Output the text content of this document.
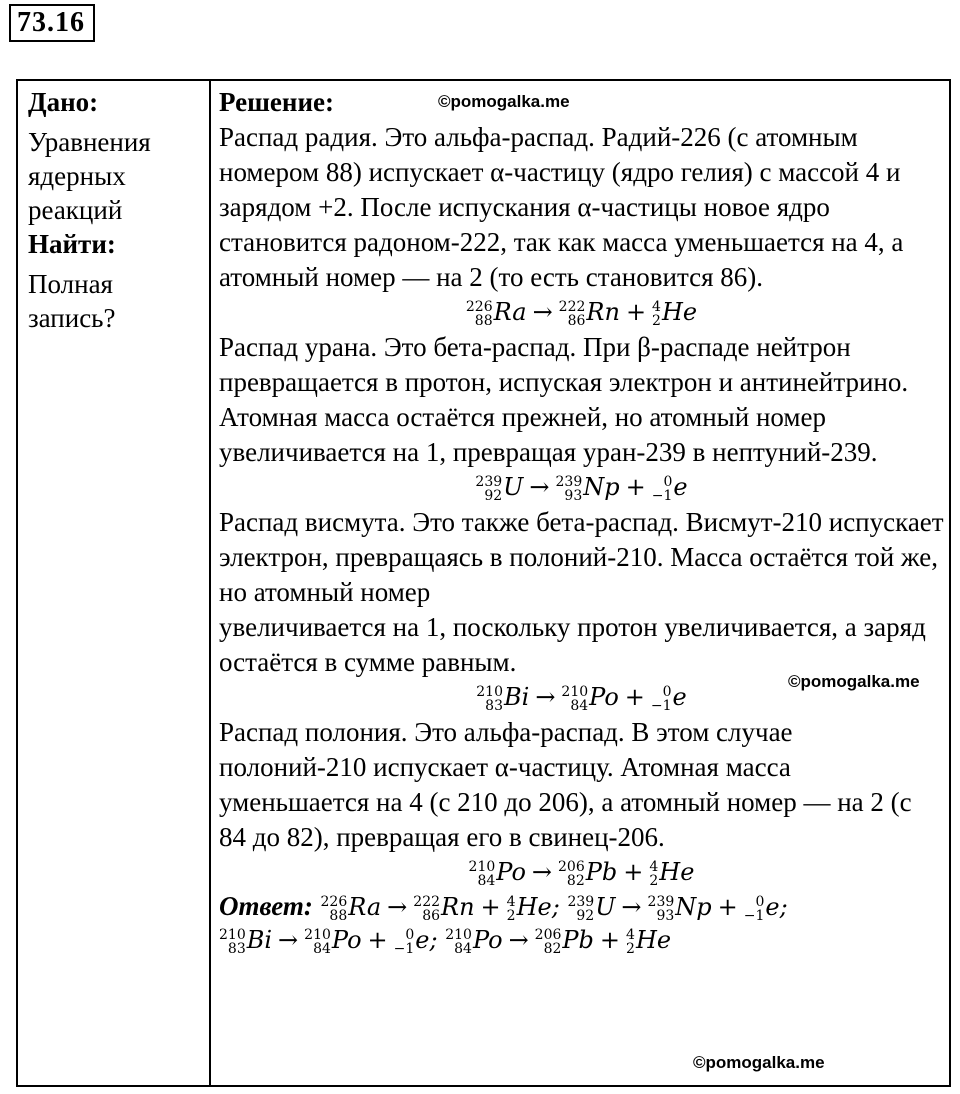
73.16
Дано:
Уравнения ядерных реакций
Найти:
Полная запись?
©pomogalka.me
Решение:

Распад радия. Это альфа-распад. Радий-226 (с атомным номером 88) испускает α-частицу (ядро гелия) с массой 4 и зарядом +2. После испускания α-частицы новое ядро становится радоном-222, так как масса уменьшается на 4, а атомный номер — на 2 (то есть становится 86).

226
88 Ra → 222
86 Rn + 4
2 He

Распад урана. Это бета-распад. При β-распаде нейтрон превращается в протон, испуская электрон и антинейтрино. Атомная масса остаётся прежней, но атомный номер увеличивается на 1, превращая уран-239 в нептуний-239.

239
92 U → 239
93 Np +	0
−1 e

Распад висмута. Это также бета-распад. Висмут-210 испускает электрон, превращаясь в полоний-210. Масса остаётся той же, но атомный номер

увеличивается на 1, поскольку протон увеличивается, а заряд остаётся в сумме равным.

210
83 Bi → 210
84 Po +	0
−1 e

Распад полония. Это альфа-распад. В этом случае полоний-210 испускает α-частицу. Атомная масса уменьшается на 4 (с 210 до 206), а атомный номер — на 2 (с 84 до 82), превращая его в свинец-206.

210
84 Po → 206
82 Pb + 4
2 He

Ответ: 226
88 Ra → 222
86 Rn + 4
2 He; 239
92 U → 239
93 Np +	0
−1 e;

210
83 Bi → 210
84 Po +	0
−1 e; 210
84 Po → 206
82 Pb + 4
2 He

©pomogalka.me
©pomogalka.me
